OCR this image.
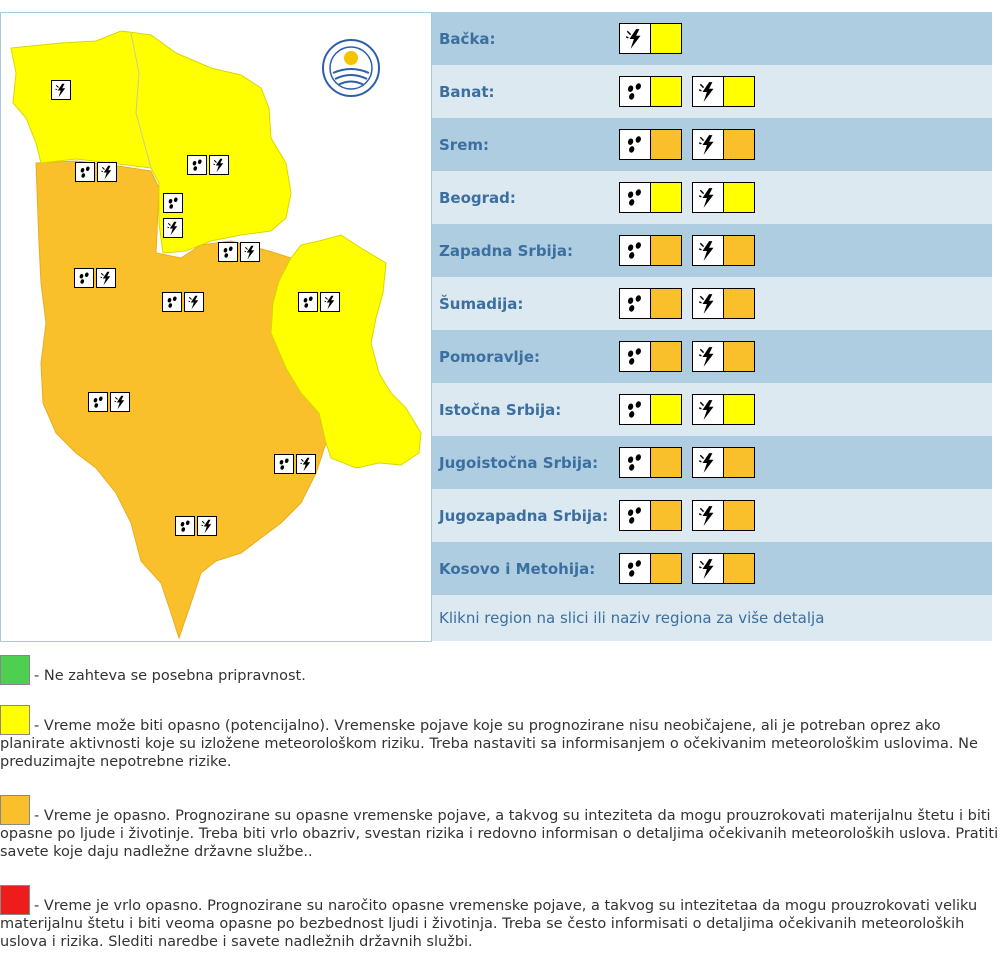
Bačka:
Banat:
Srem:
Beograd:
Zapadna Srbija:
Šumadija:
Pomoravlje:
Istočna Srbija:
Jugoistočna Srbija:
Jugozapadna Srbija:
Kosovo i Metohija:
Klikni region na slici ili naziv regiona za više detalja
- Ne zahteva se posebna pripravnost.
- Vreme može biti opasno (potencijalno). Vremenske pojave koje su prognozirane nisu neobičajene, ali je potreban oprez ako planirate aktivnosti koje su izložene meteorološkom riziku. Treba nastaviti sa informisanjem o očekivanim meteorološkim uslovima. Ne preduzimajte nepotrebne rizike.
- Vreme je opasno. Prognozirane su opasne vremenske pojave, a takvog su inteziteta da mogu prouzrokovati materijalnu štetu i biti opasne po ljude i životinje. Treba biti vrlo obazriv, svestan rizika i redovno informisan o detaljima očekivanih meteoroloških uslova. Pratiti savete koje daju nadležne državne službe..
- Vreme je vrlo opasno. Prognozirane su naročito opasne vremenske pojave, a takvog su intezitetaa da mogu prouzrokovati veliku materijalnu štetu i biti veoma opasne po bezbednost ljudi i životinja. Treba se često informisati o detaljima očekivanih meteoroloških uslova i rizika. Slediti naredbe i savete nadležnih državnih službi.
